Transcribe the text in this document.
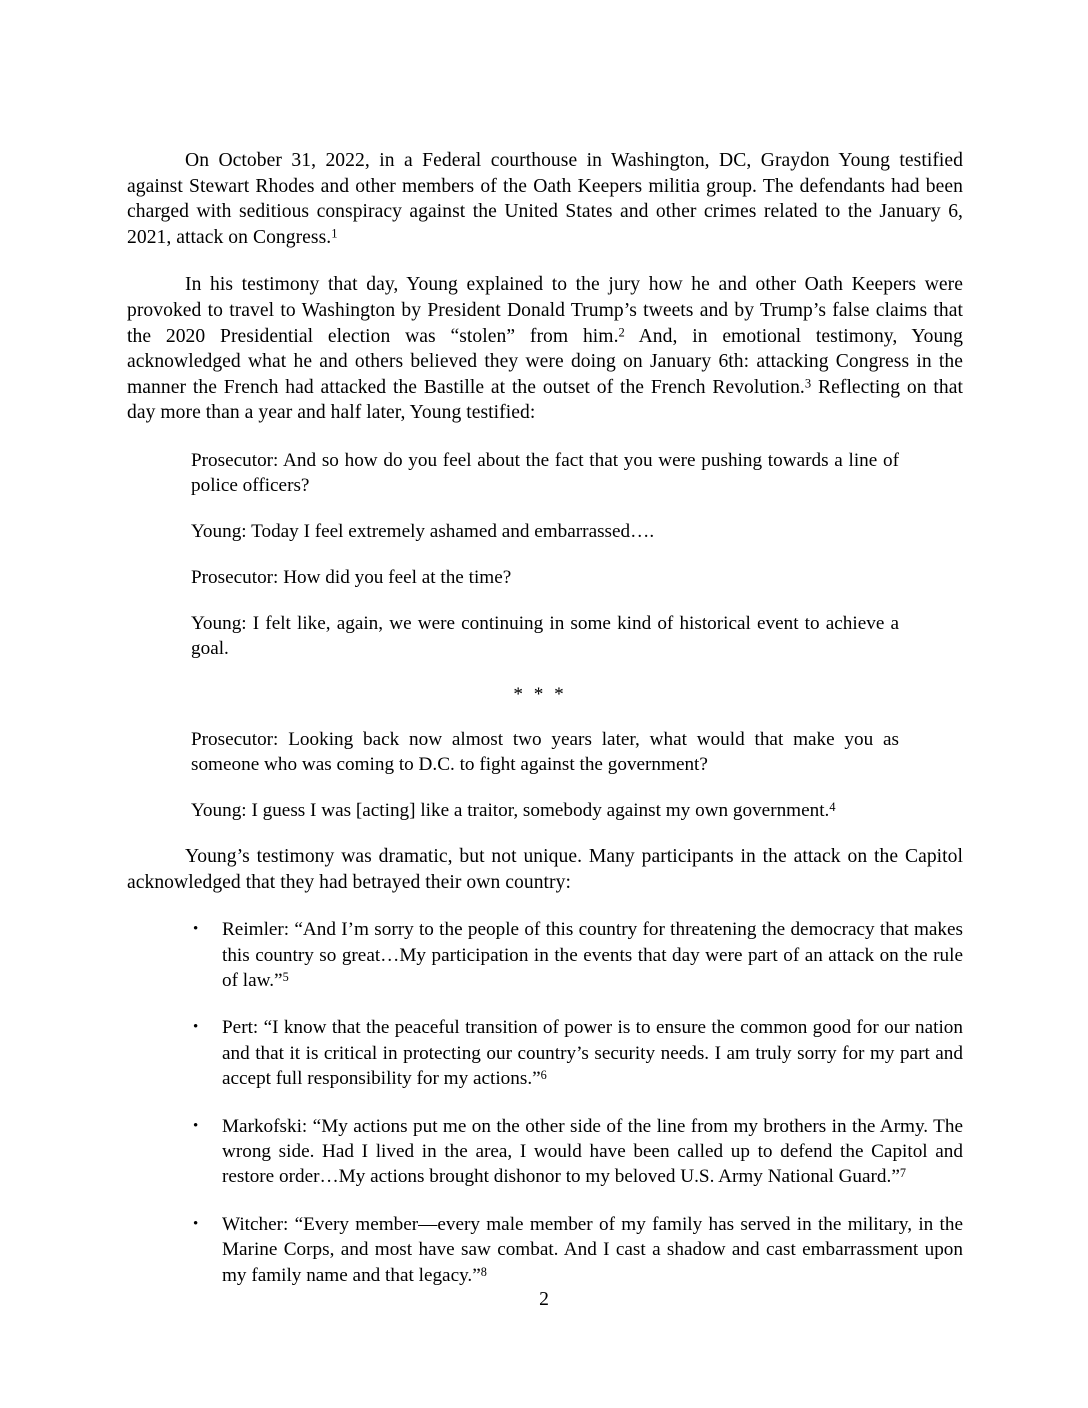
On October 31, 2022, in a Federal courthouse in Washington, DC, Graydon Young testified against Stewart Rhodes and other members of the Oath Keepers militia group. The defendants had been charged with seditious conspiracy against the United States and other crimes related to the January 6, 2021, attack on Congress.$^1$

In his testimony that day, Young explained to the jury how he and other Oath Keepers were provoked to travel to Washington by President Donald Trump’s tweets and by Trump’s false claims that the 2020 Presidential election was “stolen” from him.$^2$ And, in emotional testimony, Young acknowledged what he and others believed they were doing on January 6th: attacking Congress in the manner the French had attacked the Bastille at the outset of the French Revolution.$^3$ Reflecting on that day more than a year and half later, Young testified:

Prosecutor: And so how do you feel about the fact that you were pushing towards a line of police officers?

Young: Today I feel extremely ashamed and embarrassed….

Prosecutor: How did you feel at the time?

Young: I felt like, again, we were continuing in some kind of historical event to achieve a goal.

* * *

Prosecutor: Looking back now almost two years later, what would that make you as someone who was coming to D.C. to fight against the government?

Young: I guess I was [acting] like a traitor, somebody against my own government.$^4$

Young’s testimony was dramatic, but not unique. Many participants in the attack on the Capitol acknowledged that they had betrayed their own country:

• Reimler: “And I’m sorry to the people of this country for threatening the democracy that makes this country so great…My participation in the events that day were part of an attack on the rule of law.”$^5$
• Pert: “I know that the peaceful transition of power is to ensure the common good for our nation and that it is critical in protecting our country’s security needs. I am truly sorry for my part and accept full responsibility for my actions.”$^6$
• Markofski: “My actions put me on the other side of the line from my brothers in the Army. The wrong side. Had I lived in the area, I would have been called up to defend the Capitol and restore order…My actions brought dishonor to my beloved U.S. Army National Guard.”$^7$
• Witcher: “Every member—every male member of my family has served in the military, in the Marine Corps, and most have saw combat. And I cast a shadow and cast embarrassment upon my family name and that legacy.”$^8$
2
